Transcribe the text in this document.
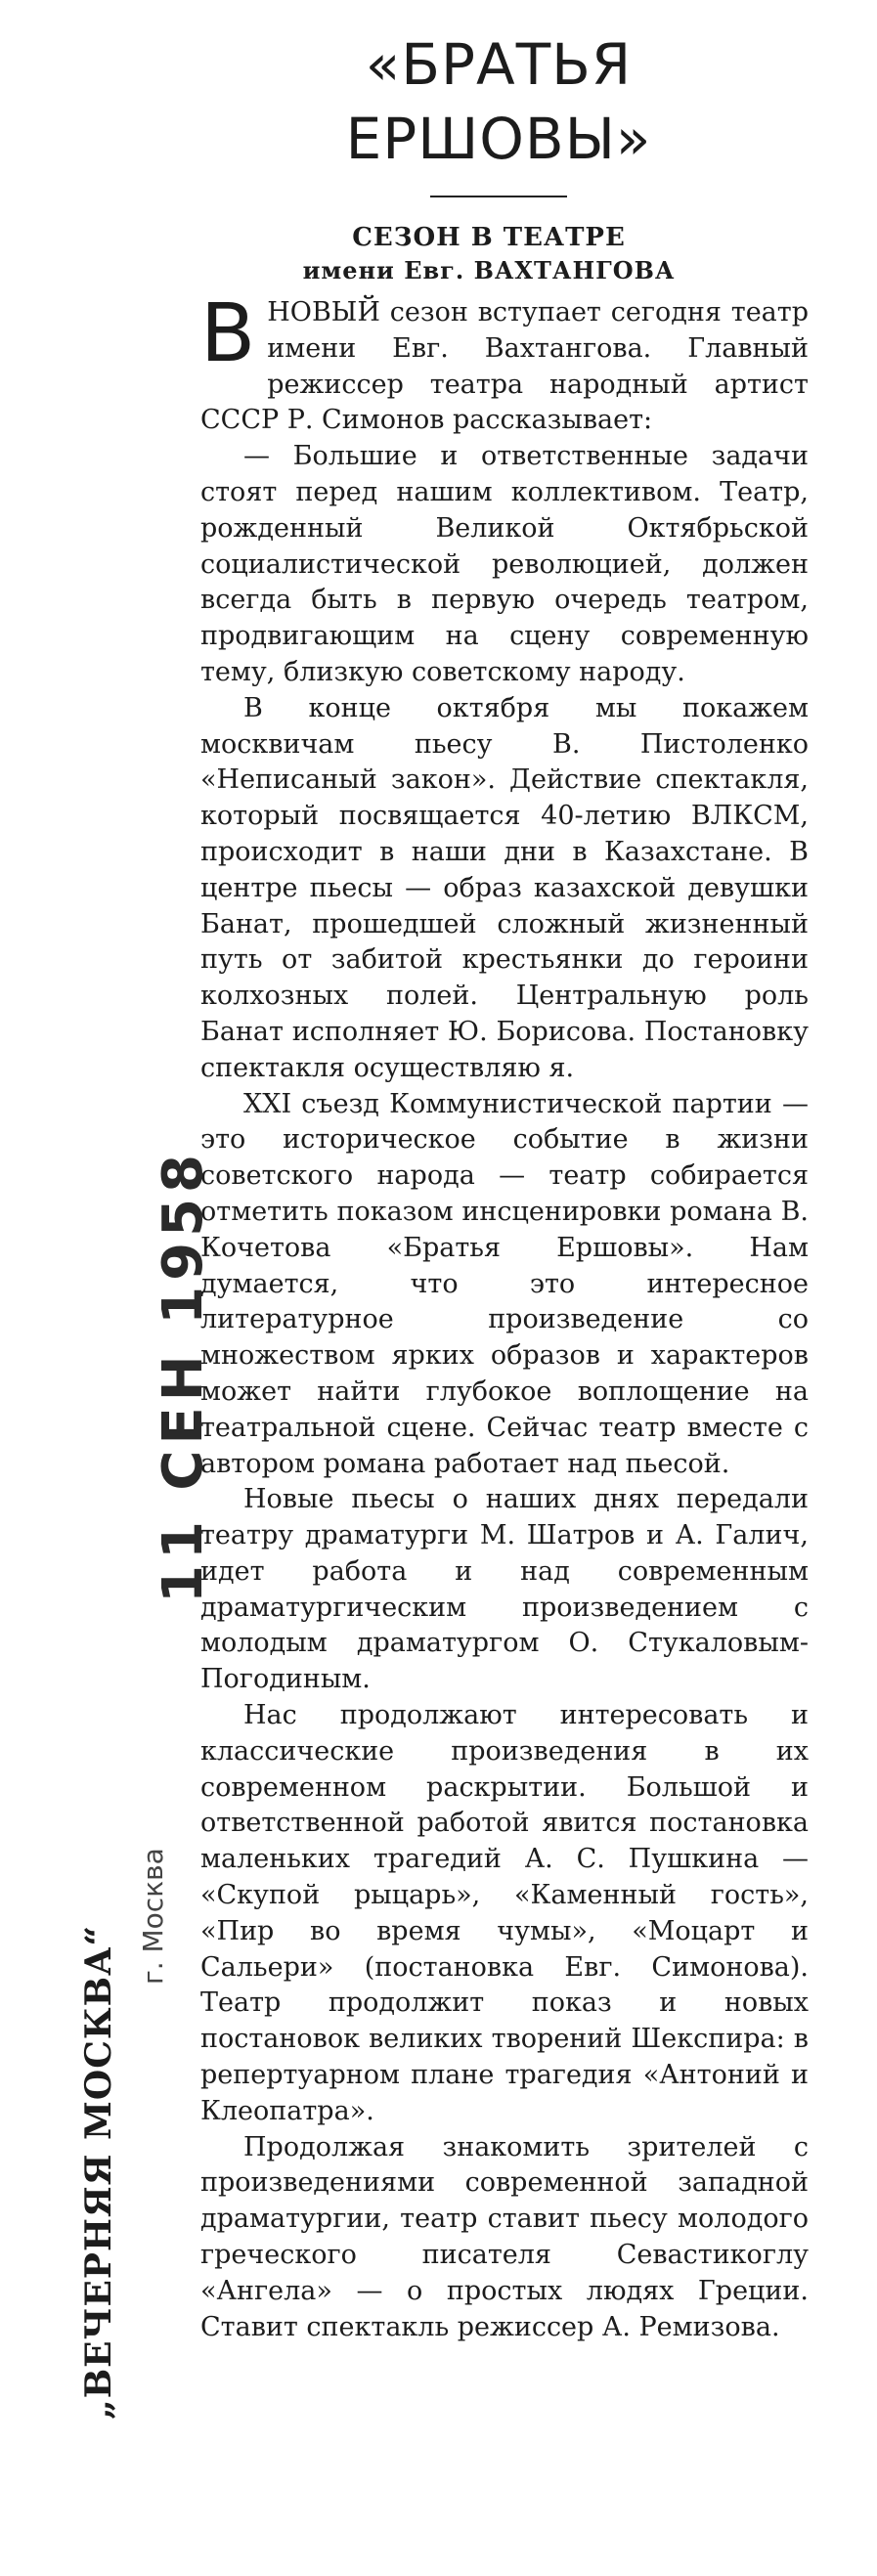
«БРАТЬЯ ЕРШОВЫ»
СЕЗОН В ТЕАТРЕ
имени Евг. ВАХТАНГОВА

В НОВЫЙ сезон вступает сегодня театр имени Евг. Вахтангова. Главный режиссер театра народный артист СССР Р. Симонов рассказывает:

— Большие и ответственные задачи стоят перед нашим коллективом. Театр, рожденный Великой Октябрьской социалистической революцией, должен всегда быть в первую очередь театром, продвигающим на сцену современную тему, близкую советскому народу.

В конце октября мы покажем москвичам пьесу В. Пистоленко «Неписаный закон». Действие спектакля, который посвящается 40-летию ВЛКСМ, происходит в наши дни в Казахстане. В центре пьесы — образ казахской девушки Банат, прошедшей сложный жизненный путь от забитой крестьянки до героини колхозных полей. Центральную роль Банат исполняет Ю. Борисова. Постановку спектакля осуществляю я.

XXI съезд Коммунистической партии — это историческое событие в жизни советского народа — театр собирается отметить показом инсценировки романа В. Кочетова «Братья Ершовы». Нам думается, что это интересное литературное произведение со множеством ярких образов и характеров может найти глубокое воплощение на театральной сцене. Сейчас театр вместе с автором романа работает над пьесой.

Новые пьесы о наших днях передали театру драматурги М. Шатров и А. Галич, идет работа и над современным драматургическим произведением с молодым драматургом О. Стукаловым-Погодиным.

Нас продолжают интересовать и классические произведения в их современном раскрытии. Большой и ответственной работой явится постановка маленьких трагедий А. С. Пушкина — «Скупой рыцарь», «Каменный гость», «Пир во время чумы», «Моцарт и Сальери» (постановка Евг. Симонова). Театр продолжит показ и новых постановок великих творений Шекспира: в репертуарном плане трагедия «Антоний и Клеопатра».

Продолжая знакомить зрителей с произведениями современной западной драматургии, театр ставит пьесу молодого греческого писателя Севастикоглу «Ангела» — о простых людях Греции. Ставит спектакль режиссер А. Ремизова.

11 СЕН 1958
„ВЕЧЕРНЯЯ МОСКВА“
г. Москва
